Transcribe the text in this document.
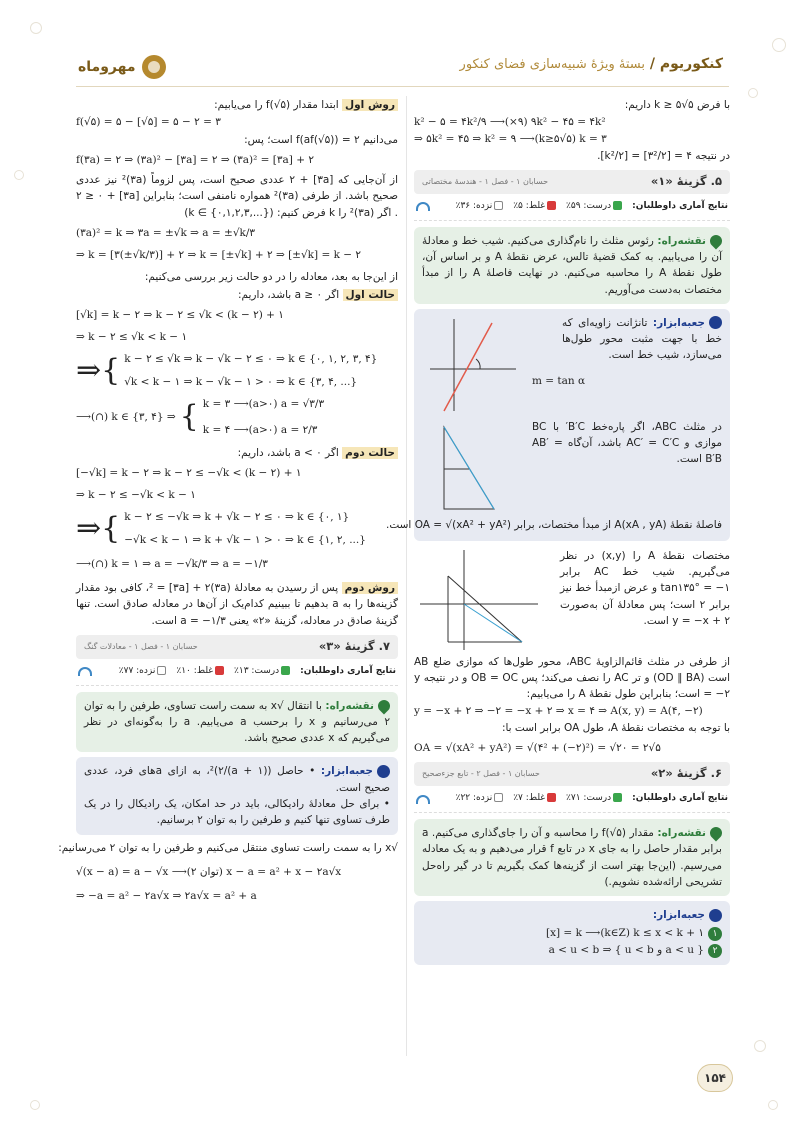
کنکوریوم / بستهٔ ویژهٔ شبیه‌سازی فضای کنکور
مهروماه
با فرض k ≥ ۵√۵ داریم:
k² − ۵ = ۴k²/۹ ⟶(×۹) ۹k² − ۴۵ = ۴k²
⇒ ۵k² = ۴۵ ⇒ k² = ۹ ⟶(k≥۵√۵) k = ۳
در نتیجه ۴ = [۳²/۲] = [k²/۲].
۵. گزینهٔ «۱»
حسابان ۱ - فصل ۱ - هندسهٔ مختصاتی
نتایج آماری داوطلبان:
درست: ۵۹٪
غلط: ۵٪
نزده: ۳۶٪
نقشه‌راه: رئوس مثلث را نام‌گذاری می‌کنیم. شیب خط و معادلهٔ آن را می‌یابیم. به کمک قضیهٔ تالس، عرض نقطهٔ A و بر اساس آن، طول نقطهٔ A را محاسبه می‌کنیم. در نهایت فاصلهٔ A را از مبدأ مختصات به‌دست می‌آوریم.
جعبه‌ابزار: تانژانت زاویه‌ای که خط با جهت مثبت محور طول‌ها می‌سازد، شیب خط است.
m = tan α
در مثلث ABC، اگر پاره‌خط B′C′ با BC موازی و AC′ = C′C باشد، آن‌گاه AB′ = B′B است.
فاصلهٔ نقطهٔ A(xA , yA) از مبدأ مختصات، برابر OA = √(xA² + yA²) است.
مختصات نقطهٔ A را (x,y) در نظر می‌گیریم. شیب خط AC برابر tan۱۳۵° = −۱ و عرض ازمبدأ خط نیز برابر ۲ است؛ پس معادلهٔ آن به‌صورت y = −x + ۲ است.
از طرفی در مثلث قائم‌الزاویهٔ ABC، محور طول‌ها که موازی ضلع AB است (OD ∥ BA) و تر AC را نصف می‌کند؛ پس OB = OC و در نتیجه y = −۲ است؛ بنابراین طول نقطهٔ A را می‌یابیم:
y = −x + ۲ ⇒ −۲ = −x + ۲ ⇒ x = ۴ ⇒ A(x, y) = A(۴, −۲)
با توجه به مختصات نقطهٔ A، طول OA برابر است با:
OA = √(xA² + yA²) = √(۴² + (−۲)²) = √۲۰ = ۲√۵
۶. گزینهٔ «۲»
حسابان ۱ - فصل ۲ - تابع جزءصحیح
نتایج آماری داوطلبان:
درست: ۷۱٪
غلط: ۷٪
نزده: ۲۲٪
نقشه‌راه: مقدار f(√۵) را محاسبه و آن را جای‌گذاری می‌کنیم. a برابر مقدار حاصل را به جای x در تابع f قرار می‌دهیم و به یک معادله می‌رسیم. (این‌جا بهتر است از گزینه‌ها کمک بگیریم تا در گیر راه‌حل تشریحی ارائه‌شده نشویم.)
جعبه‌ابزار:
۱[x] = k ⟶(k∈Z) k ≤ x < k + ۱
۲a < u < b ⇒ { u < b و a < u }
روش اول ابتدا مقدار f(√۵) را می‌یابیم:
f(√۵) = ۵ − [√۵] = ۵ − ۲ = ۳
می‌دانیم f(af(√۵)) = ۲ است؛ پس:
f(۳a) = ۲ ⇒ (۳a)² − [۳a] = ۲ ⇒ (۳a)² = [۳a] + ۲
از آن‌جایی که [۳a] + ۲ عددی صحیح است، پس لزوماً (۳a)² نیز عددی صحیح باشد. از طرفی (۳a)² همواره نامنفی است؛ بنابراین [۳a] + ۲ ≥ ۰ . اگر (۳a)² را k فرض کنیم: (k ∈ {۰,۱,۲,۳,...})
(۳a)² = k ⇒ ۳a = ±√k ⇒ a = ±√k/۳
⇒ k = [۳(±√k/۳)] + ۲ ⇒ k = [±√k] + ۲ ⇒ [±√k] = k − ۲
از این‌جا به بعد، معادله را در دو حالت زیر بررسی می‌کنیم:
حالت اول اگر a ≥ ۰ باشد، داریم:
[√k] = k − ۲ ⇒ k − ۲ ≤ √k < (k − ۲) + ۱
⇒ k − ۲ ≤ √k < k − ۱
⇒{ k − ۲ ≤ √k ⇒ k − √k − ۲ ≤ ۰ ⇒ k ∈ {۰, ۱, ۲, ۳, ۴}
√k < k − ۱ ⇒ k − √k − ۱ > ۰ ⇒ k ∈ {۳, ۴, ...}
⟶(∩) k ∈ {۳, ۴} ⇒ { k = ۳ ⟶(a>۰) a = √۳/۳
k = ۴ ⟶(a>۰) a = ۲/۳
حالت دوم اگر a < ۰ باشد، داریم:
[−√k] = k − ۲ ⇒ k − ۲ ≤ −√k < (k − ۲) + ۱
⇒ k − ۲ ≤ −√k < k − ۱
⇒{ k − ۲ ≤ −√k ⇒ k + √k − ۲ ≤ ۰ ⇒ k ∈ {۰, ۱}
−√k < k − ۱ ⇒ k + √k − ۱ > ۰ ⇒ k ∈ {۱, ۲, ...}
⟶(∩) k = ۱ ⇒ a = −√k/۳ ⇒ a = −۱/۳
روش دوم پس از رسیدن به معادلهٔ (۳a)² = [۳a] + ۲، کافی بود مقدار گزینه‌ها را به a بدهیم تا ببینیم کدام‌یک از آن‌ها در معادله صادق است. تنها گزینهٔ صادق در معادله، گزینهٔ «۲» یعنی a = −۱/۳ است.
۷. گزینهٔ «۳»
حسابان ۱ - فصل ۱ - معادلات گنگ
نتایج آماری داوطلبان:
درست: ۱۳٪
غلط: ۱۰٪
نزده: ۷۷٪
نقشه‌راه: با انتقال √x به سمت راست تساوی، طرفین را به توان ۲ می‌رسانیم و x را برحسب a می‌یابیم. a را به‌گونه‌ای در نظر می‌گیریم که x عددی صحیح باشد.
جعبه‌ابزار: • حاصل ((a + ۱)/۲)²، به ازای aهای فرد، عددی صحیح است.
• برای حل معادلهٔ رادیکالی، باید در حد امکان، یک رادیکال را در یک طرف تساوی تنها کنیم و طرفین را به توان ۲ برسانیم.
√x را به سمت راست تساوی منتقل می‌کنیم و طرفین را به توان ۲ می‌رسانیم:
√(x − a) = a − √x ⟶(توان ۲) x − a = a² + x − ۲a√x
⇒ −a = a² − ۲a√x ⇒ ۲a√x = a² + a
۱۵۴
